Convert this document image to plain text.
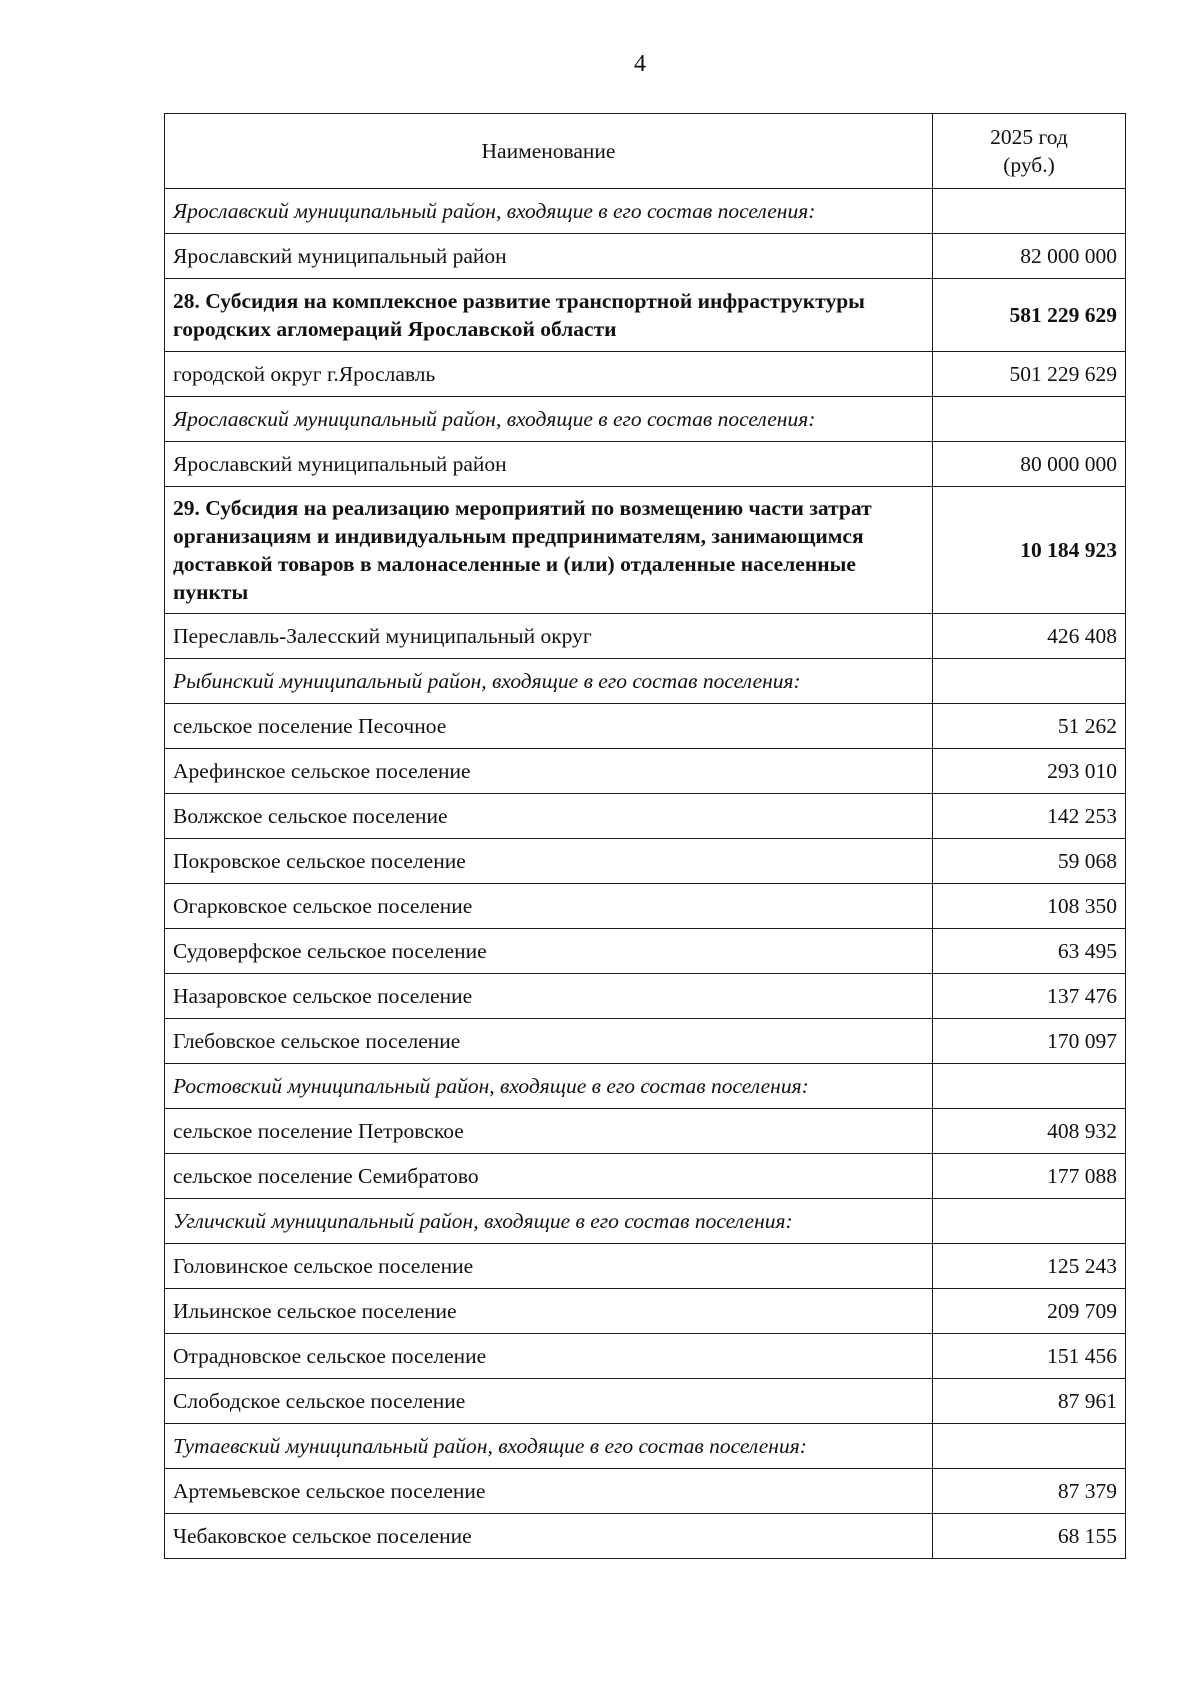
4
Наименование	2025 год
(руб.)

Ярославский муниципальный район, входящие в его состав поселения:	
Ярославский муниципальный район	82 000 000
28. Субсидия на комплексное развитие транспортной инфраструктуры городских агломераций Ярославской области	581 229 629
городской округ г.Ярославль	501 229 629
Ярославский муниципальный район, входящие в его состав поселения:	
Ярославский муниципальный район	80 000 000
29. Субсидия на реализацию мероприятий по возмещению части затрат организациям и индивидуальным предпринимателям, занимающимся доставкой товаров в малонаселенные и (или) отдаленные населенные пункты	10 184 923
Переславль-Залесский муниципальный округ	426 408
Рыбинский муниципальный район, входящие в его состав поселения:	
сельское поселение Песочное	51 262
Арефинское сельское поселение	293 010
Волжское сельское поселение	142 253
Покровское сельское поселение	59 068
Огарковское сельское поселение	108 350
Судоверфское сельское поселение	63 495
Назаровское сельское поселение	137 476
Глебовское сельское поселение	170 097
Ростовский муниципальный район, входящие в его состав поселения:	
сельское поселение Петровское	408 932
сельское поселение Семибратово	177 088
Угличский муниципальный район, входящие в его состав поселения:	
Головинское сельское поселение	125 243
Ильинское сельское поселение	209 709
Отрадновское сельское поселение	151 456
Слободское сельское поселение	87 961
Тутаевский муниципальный район, входящие в его состав поселения:	
Артемьевское сельское поселение	87 379
Чебаковское сельское поселение	68 155
